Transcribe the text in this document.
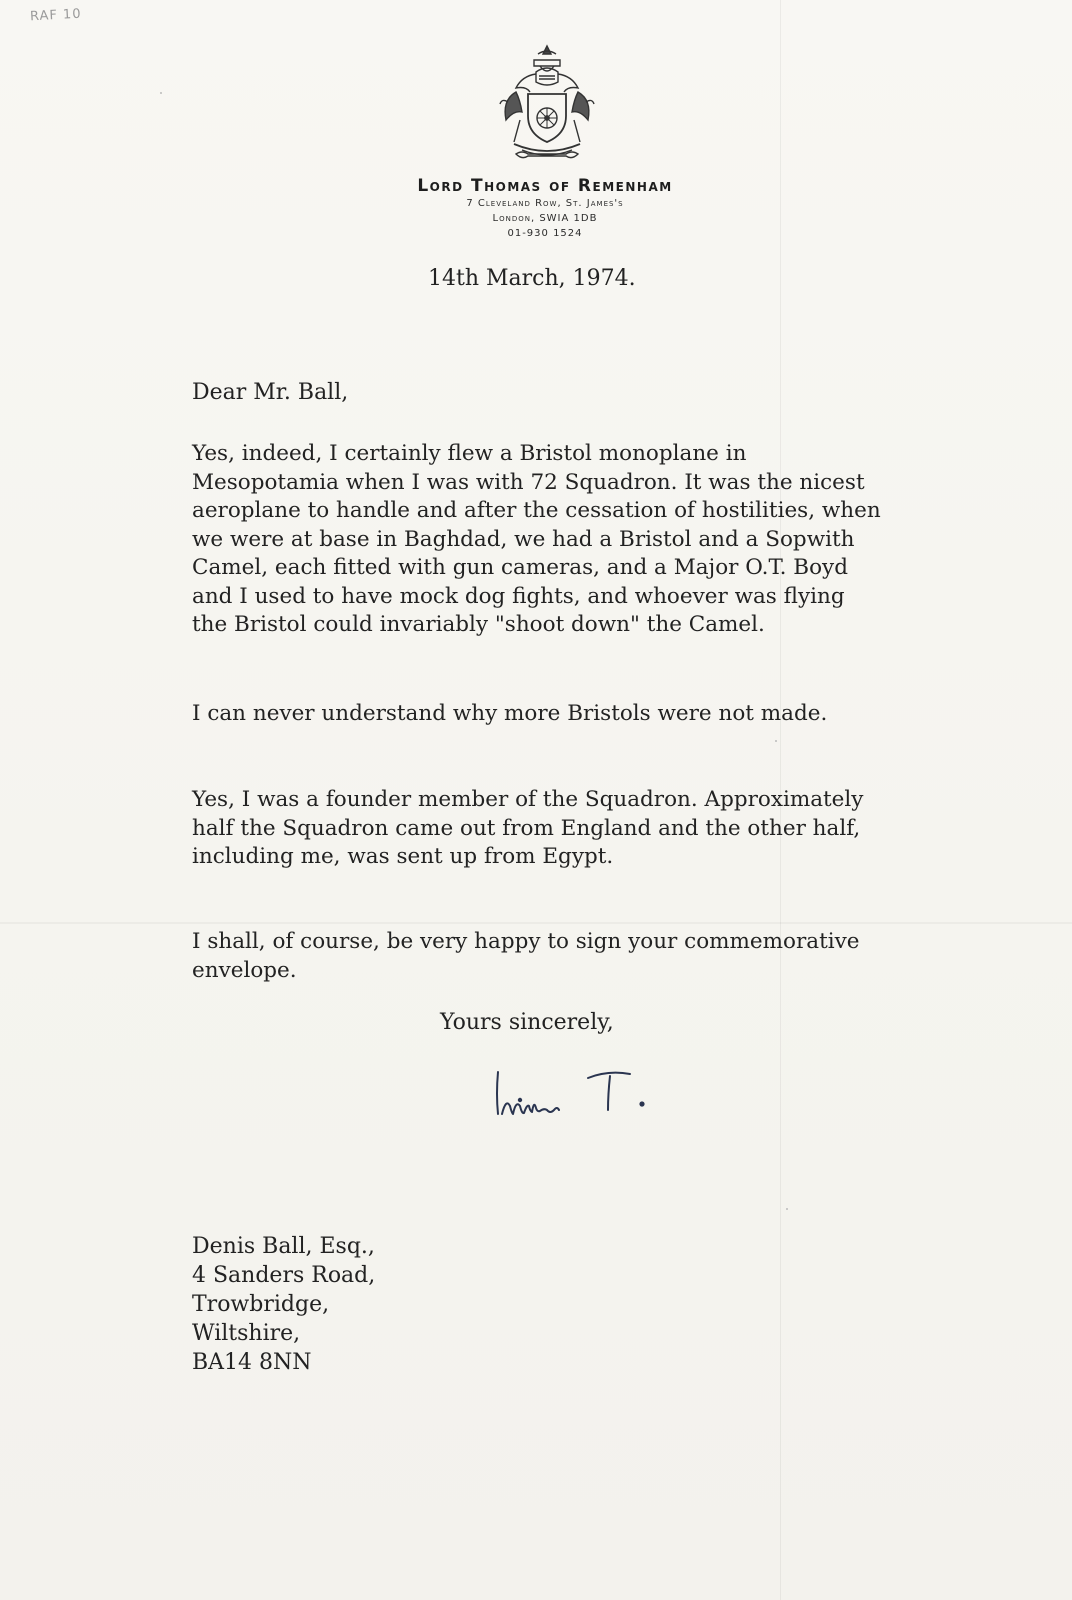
RAF 10
Lord Thomas of Remenham
7 Cleveland Row, St. James's
London, SWIA 1DB
01-930 1524
14th March, 1974.
Dear Mr. Ball,

Yes, indeed, I certainly flew a Bristol monoplane in Mesopotamia when I was with 72 Squadron. It was the nicest aeroplane to handle and after the cessation of hostilities, when we were at base in Baghdad, we had a Bristol and a Sopwith Camel, each fitted with gun cameras, and a Major O.T. Boyd and I used to have mock dog fights, and whoever was flying the Bristol could invariably "shoot down" the Camel.

I can never understand why more Bristols were not made.

Yes, I was a founder member of the Squadron. Approximately half the Squadron came out from England and the other half, including me, was sent up from Egypt.

I shall, of course, be very happy to sign your commemorative envelope.

Yours sincerely,
Denis Ball, Esq.,
4 Sanders Road,
Trowbridge,
Wiltshire,
BA14 8NN
